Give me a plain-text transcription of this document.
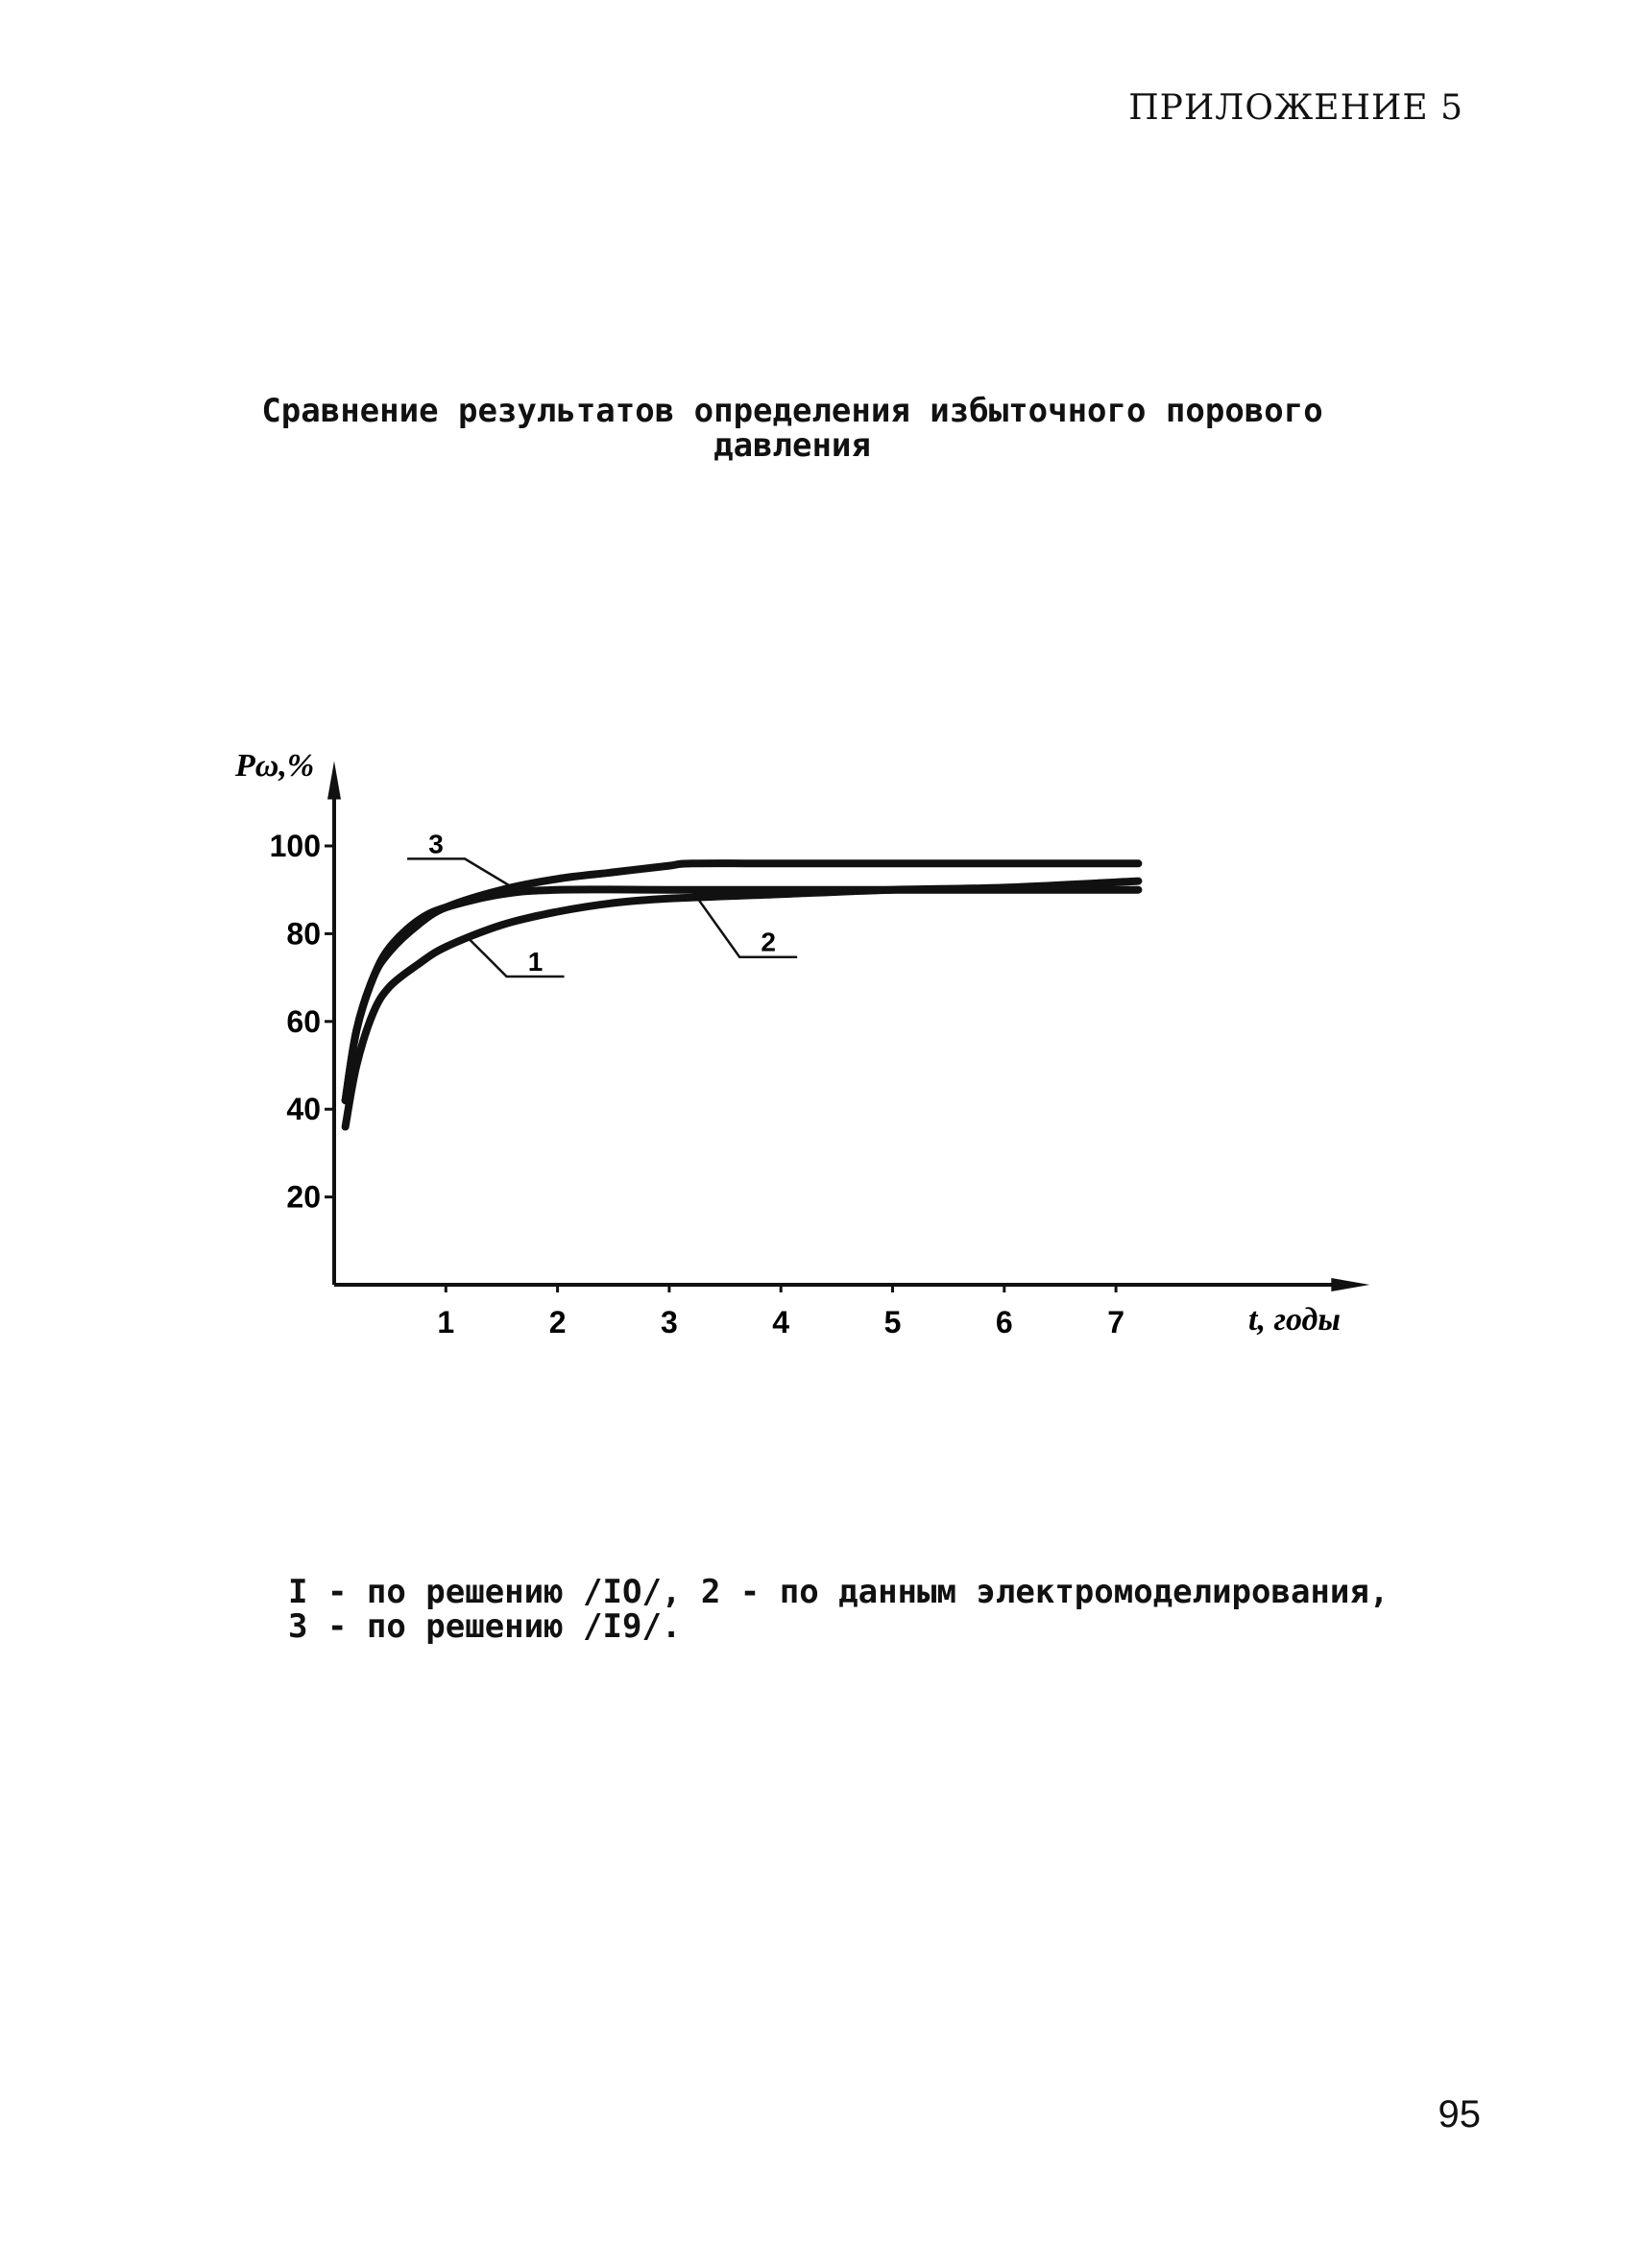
ПРИЛОЖЕНИЕ 5
Сравнение результатов определения избыточного порового давления
1	2	3	4	5	6	7
20
40
60
80
100
1
2
3
Pω,%
t, годы
I - по решению /IO/, 2 - по данным электромоделирования, 3 - по решению /I9/.
95
